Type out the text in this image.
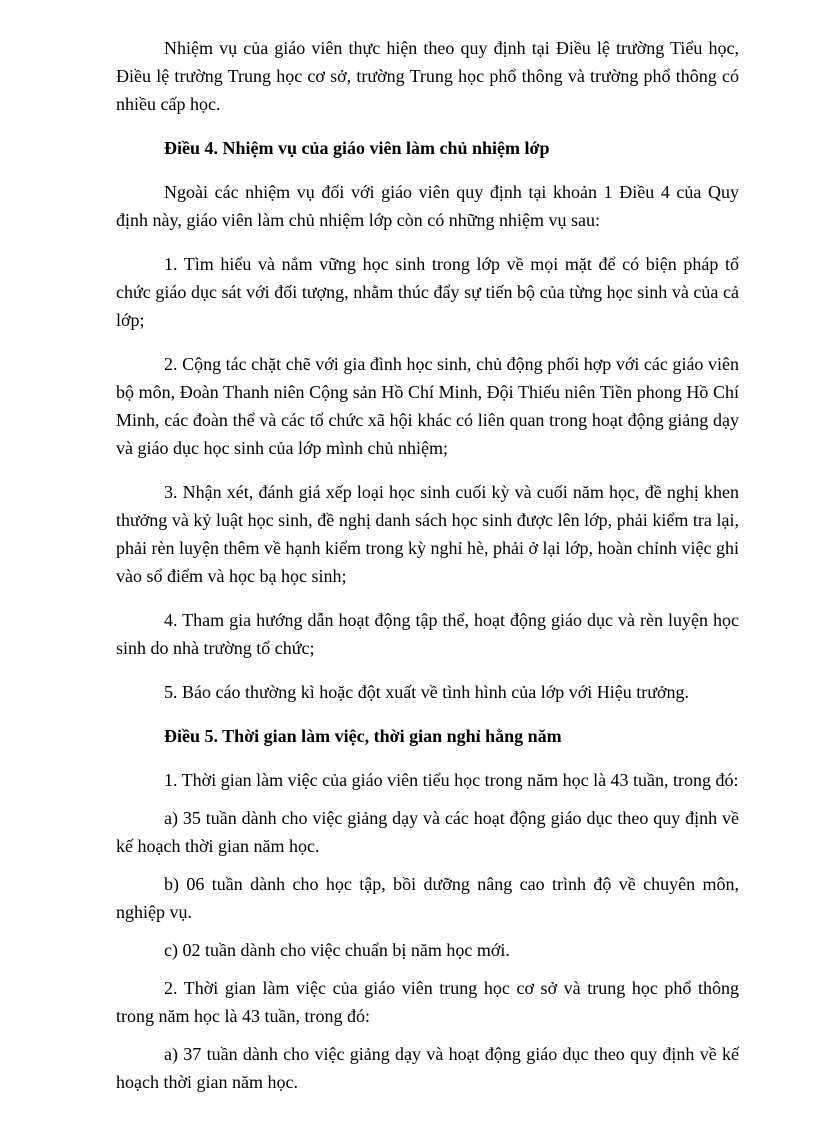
Nhiệm vụ của giáo viên thực hiện theo quy định tại Điều lệ trường Tiểu học, Điều lệ trường Trung học cơ sở, trường Trung học phổ thông và trường phổ thông có nhiều cấp học.

Điều 4. Nhiệm vụ của giáo viên làm chủ nhiệm lớp

Ngoài các nhiệm vụ đối với giáo viên quy định tại khoản 1 Điều 4 của Quy định này, giáo viên làm chủ nhiệm lớp còn có những nhiệm vụ sau:

1. Tìm hiểu và nắm vững học sinh trong lớp về mọi mặt để có biện pháp tổ chức giáo dục sát với đối tượng, nhằm thúc đẩy sự tiến bộ của từng học sinh và của cả lớp;

2. Cộng tác chặt chẽ với gia đình học sinh, chủ động phối hợp với các giáo viên bộ môn, Đoàn Thanh niên Cộng sản Hồ Chí Minh, Đội Thiếu niên Tiền phong Hồ Chí Minh, các đoàn thể và các tổ chức xã hội khác có liên quan trong hoạt động giảng dạy và giáo dục học sinh của lớp mình chủ nhiệm;

3. Nhận xét, đánh giá xếp loại học sinh cuối kỳ và cuối năm học, đề nghị khen thưởng và kỷ luật học sinh, đề nghị danh sách học sinh được lên lớp, phải kiểm tra lại, phải rèn luyện thêm về hạnh kiểm trong kỳ nghỉ hè, phải ở lại lớp, hoàn chỉnh việc ghi vào sổ điểm và học bạ học sinh;

4. Tham gia hướng dẫn hoạt động tập thể, hoạt động giáo dục và rèn luyện học sinh do nhà trường tổ chức;

5. Báo cáo thường kì hoặc đột xuất về tình hình của lớp với Hiệu trưởng.

Điều 5. Thời gian làm việc, thời gian nghỉ hằng năm

1. Thời gian làm việc của giáo viên tiểu học trong năm học là 43 tuần, trong đó:

a) 35 tuần dành cho việc giảng dạy và các hoạt động giáo dục theo quy định về kế hoạch thời gian năm học.

b) 06 tuần dành cho học tập, bồi dưỡng nâng cao trình độ về chuyên môn, nghiệp vụ.

c) 02 tuần dành cho việc chuẩn bị năm học mới.

2. Thời gian làm việc của giáo viên trung học cơ sở và trung học phổ thông trong năm học là 43 tuần, trong đó:

a) 37 tuần dành cho việc giảng dạy và hoạt động giáo dục theo quy định về kế hoạch thời gian năm học.
